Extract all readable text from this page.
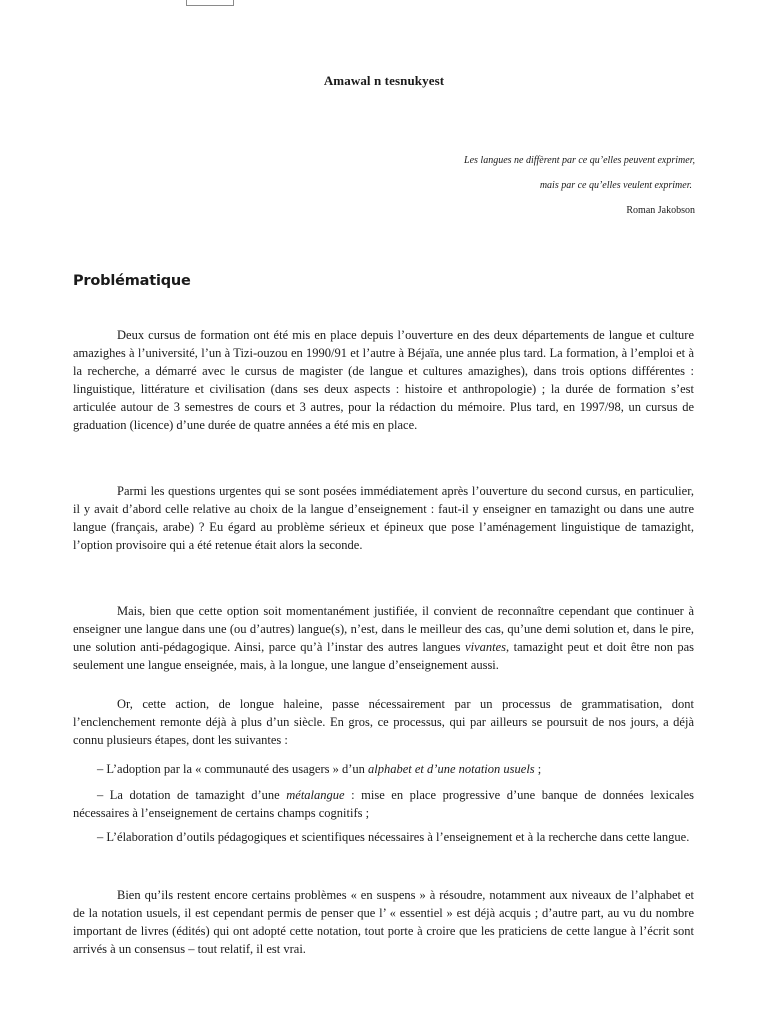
Amawal n tesnukyest
Les langues ne diffèrent par ce qu’elles peuvent exprimer,
mais par ce qu’elles veulent exprimer.
Roman Jakobson
Problématique

Deux cursus de formation ont été mis en place depuis l’ouverture en des deux départements de langue et culture amazighes à l’université, l’un à Tizi-ouzou en 1990/91 et l’autre à Béjaïa, une année plus tard. La formation, à l’emploi et à la recherche, a démarré avec le cursus de magister (de langue et cultures amazighes), dans trois options différentes : linguistique, littérature et civilisation (dans ses deux aspects : histoire et anthropologie) ; la durée de formation s’est articulée autour de 3 semestres de cours et 3 autres, pour la rédaction du mémoire. Plus tard, en 1997/98, un cursus de graduation (licence) d’une durée de quatre années a été mis en place.

Parmi les questions urgentes qui se sont posées immédiatement après l’ouverture du second cursus, en particulier, il y avait d’abord celle relative au choix de la langue d’enseignement : faut-il y enseigner en tamazight ou dans une autre langue (français, arabe) ? Eu égard au problème sérieux et épineux que pose l’aménagement linguistique de tamazight, l’option provisoire qui a été retenue était alors la seconde.

Mais, bien que cette option soit momentanément justifiée, il convient de reconnaître cependant que continuer à enseigner une langue dans une (ou d’autres) langue(s), n’est, dans le meilleur des cas, qu’une demi solution et, dans le pire, une solution anti-pédagogique. Ainsi, parce qu’à l’instar des autres langues vivantes, tamazight peut et doit être non pas seulement une langue enseignée, mais, à la longue, une langue d’enseignement aussi.

Or, cette action, de longue haleine, passe nécessairement par un processus de grammatisation, dont l’enclenchement remonte déjà à plus d’un siècle. En gros, ce processus, qui par ailleurs se poursuit de nos jours, a déjà connu plusieurs étapes, dont les suivantes :

– L’adoption par la « communauté des usagers » d’un alphabet et d’une notation usuels ;

– La dotation de tamazight d’une métalangue : mise en place progressive d’une banque de données lexicales nécessaires à l’enseignement de certains champs cognitifs ;

– L’élaboration d’outils pédagogiques et scientifiques nécessaires à l’enseignement et à la recherche dans cette langue.

Bien qu’ils restent encore certains problèmes « en suspens » à résoudre, notamment aux niveaux de l’alphabet et de la notation usuels, il est cependant permis de penser que l’ « essentiel » est déjà acquis ; d’autre part, au vu du nombre important de livres (édités) qui ont adopté cette notation, tout porte à croire que les praticiens de cette langue à l’écrit sont arrivés à un consensus – tout relatif, il est vrai.
